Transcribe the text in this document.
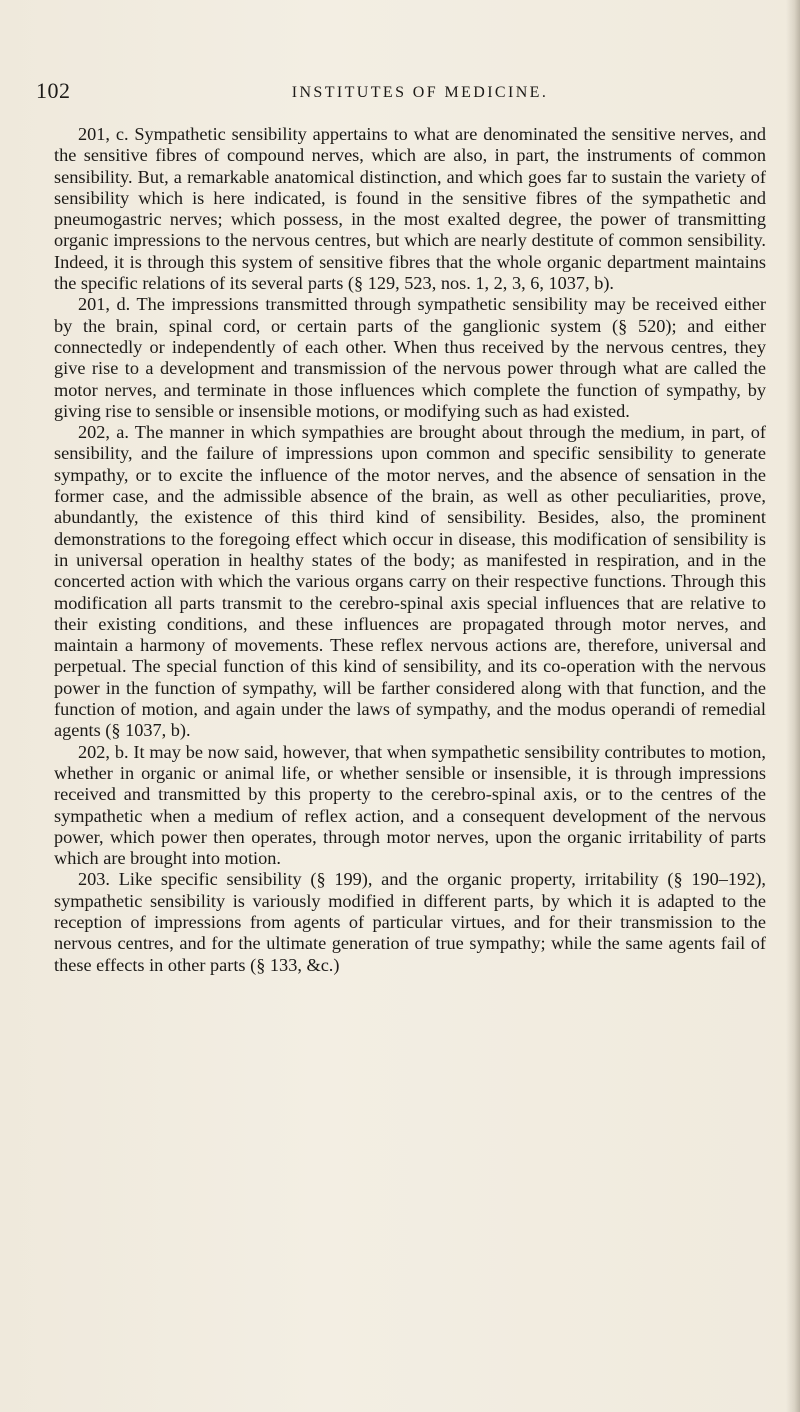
102	INSTITUTES OF MEDICINE.

201, c. Sympathetic sensibility appertains to what are denominated the sensitive nerves, and the sensitive fibres of compound nerves, which are also, in part, the instruments of common sensibility. But, a remarkable anatomical distinction, and which goes far to sustain the variety of sensibility which is here indicated, is found in the sensitive fibres of the sympathetic and pneumogastric nerves; which possess, in the most exalted degree, the power of transmitting organic impressions to the nervous centres, but which are nearly destitute of common sensibility. Indeed, it is through this system of sensitive fibres that the whole organic department maintains the specific relations of its several parts (§ 129, 523, nos. 1, 2, 3, 6, 1037, b).

201, d. The impressions transmitted through sympathetic sensibility may be received either by the brain, spinal cord, or certain parts of the ganglionic system (§ 520); and either connectedly or independently of each other. When thus received by the nervous centres, they give rise to a development and transmission of the nervous power through what are called the motor nerves, and terminate in those influences which complete the function of sympathy, by giving rise to sensible or insensible motions, or modifying such as had existed.

202, a. The manner in which sympathies are brought about through the medium, in part, of sensibility, and the failure of impressions upon common and specific sensibility to generate sympathy, or to excite the influence of the motor nerves, and the absence of sensation in the former case, and the admissible absence of the brain, as well as other peculiarities, prove, abundantly, the existence of this third kind of sensibility. Besides, also, the prominent demonstrations to the foregoing effect which occur in disease, this modification of sensibility is in universal operation in healthy states of the body; as manifested in respiration, and in the concerted action with which the various organs carry on their respective functions. Through this modification all parts transmit to the cerebro-spinal axis special influences that are relative to their existing conditions, and these influences are propagated through motor nerves, and maintain a harmony of movements. These reflex nervous actions are, therefore, universal and perpetual. The special function of this kind of sensibility, and its co-operation with the nervous power in the function of sympathy, will be farther considered along with that function, and the function of motion, and again under the laws of sympathy, and the modus operandi of remedial agents (§ 1037, b).

202, b. It may be now said, however, that when sympathetic sensibility contributes to motion, whether in organic or animal life, or whether sensible or insensible, it is through impressions received and transmitted by this property to the cerebro-spinal axis, or to the centres of the sympathetic when a medium of reflex action, and a consequent development of the nervous power, which power then operates, through motor nerves, upon the organic irritability of parts which are brought into motion.

203. Like specific sensibility (§ 199), and the organic property, irritability (§ 190–192), sympathetic sensibility is variously modified in different parts, by which it is adapted to the reception of impressions from agents of particular virtues, and for their transmission to the nervous centres, and for the ultimate generation of true sympathy; while the same agents fail of these effects in other parts (§ 133, &c.)
